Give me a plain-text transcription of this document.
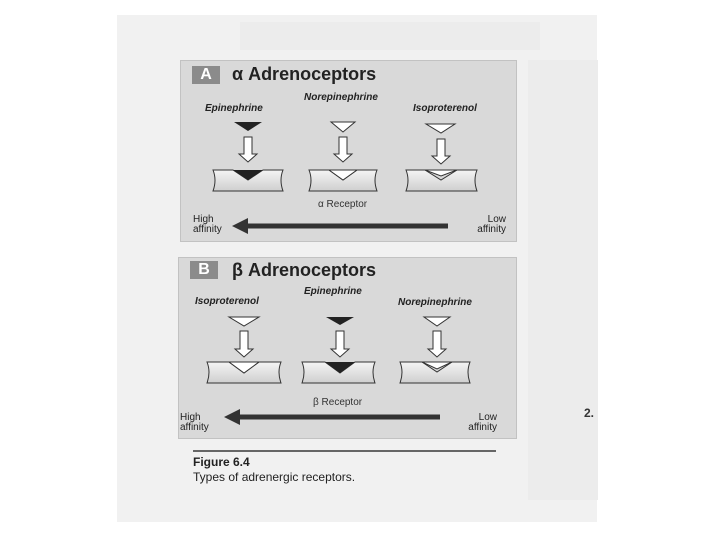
A	α Adrenoceptors
Epinephrine
Norepinephrine
Isoproterenol
α Receptor
High
affinity
Low
affinity
B	β Adrenoceptors
Isoproterenol
Epinephrine
Norepinephrine
β Receptor
High
affinity
Low
affinity
Figure 6.4
Types of adrenergic receptors.
2.
